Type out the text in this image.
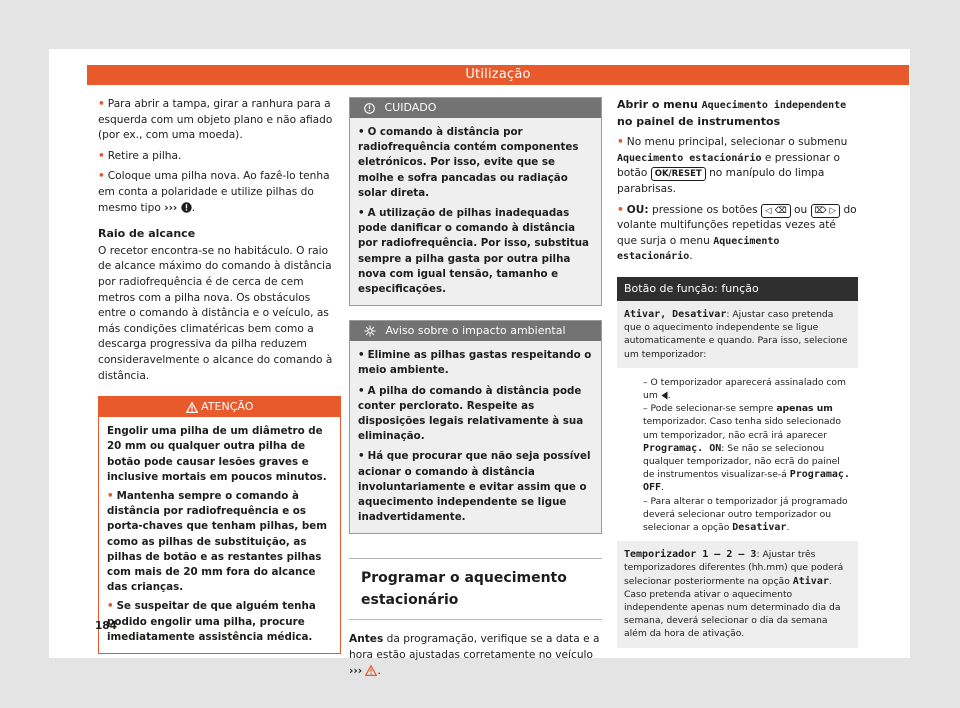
Utilização

• Para abrir a tampa, girar a ranhura para a esquerda com um objeto plano e não afiado (por ex., com uma moeda).

• Retire a pilha.

• Coloque uma pilha nova. Ao fazê-lo tenha em conta a polaridade e utilize pilhas do mesmo tipo ››› .

Raio de alcance

O recetor encontra-se no habitáculo. O raio de alcance máximo do comando à distância por radiofrequência é de cerca de cem metros com a pilha nova. Os obstáculos entre o comando à distância e o veículo, as más condições climatéricas bem como a descarga progressiva da pilha reduzem consideravelmente o alcance do comando à distância.

ATENÇÃO

Engolir uma pilha de um diâmetro de 20 mm ou qualquer outra pilha de botão pode causar lesões graves e inclusive mortais em poucos minutos.

• Mantenha sempre o comando à distância por radiofrequência e os porta-chaves que tenham pilhas, bem como as pilhas de substituição, as pilhas de botão e as restantes pilhas com mais de 20 mm fora do alcance das crianças.

• Se suspeitar de que alguém tenha podido engolir uma pilha, procure imediatamente assistência médica.

CUIDADO

• O comando à distância por radiofrequência contém componentes eletrónicos. Por isso, evite que se molhe e sofra pancadas ou radiação solar direta.

• A utilização de pilhas inadequadas pode danificar o comando à distância por radiofrequência. Por isso, substitua sempre a pilha gasta por outra pilha nova com igual tensão, tamanho e especificações.

Aviso sobre o impacto ambiental

• Elimine as pilhas gastas respeitando o meio ambiente.

• A pilha do comando à distância pode conter perclorato. Respeite as disposições legais relativamente à sua eliminação.

• Há que procurar que não seja possível acionar o comando à distância involuntariamente e evitar assim que o aquecimento independente se ligue inadvertidamente.

Programar o aquecimento estacionário

Antes da programação, verifique se a data e a hora estão ajustadas corretamente no veículo ››› .

Abrir o menu Aquecimento independente no painel de instrumentos

• No menu principal, selecionar o submenu Aquecimento estacionário e pressionar o botão OK/RESET no manípulo do limpa parabrisas.

• OU: pressione os botões ◁ ⌫ ou ⌦ ▷ do volante multifunções repetidas vezes até que surja o menu Aquecimento estacionário.

Botão de função: função
Ativar, Desativar: Ajustar caso pretenda que o aquecimento independente se ligue automaticamente e quando. Para isso, selecione um temporizador:

– O temporizador aparecerá assinalado com um .

– Pode selecionar-se sempre apenas um temporizador. Caso tenha sido selecionado um temporizador, não ecrã irá aparecer Programaç. ON: Se não se selecionou qualquer temporizador, não ecrã do painel de instrumentos visualizar-se-á Programaç. OFF.

– Para alterar o temporizador já programado deverá selecionar outro temporizador ou selecionar a opção Desativar.

Temporizador 1 – 2 – 3: Ajustar três temporizadores diferentes (hh.mm) que poderá selecionar posteriormente na opção Ativar. Caso pretenda ativar o aquecimento independente apenas num determinado dia da semana, deverá selecionar o dia da semana além da hora de ativação.
184
